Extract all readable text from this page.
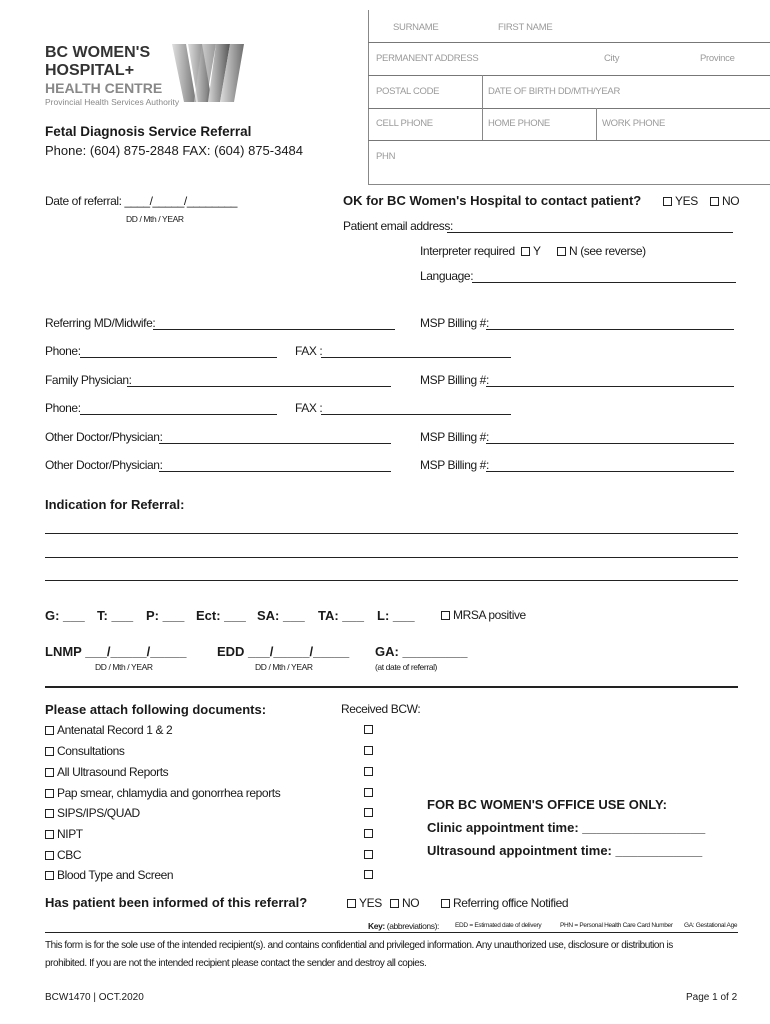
BC WOMEN'S
HOSPITAL+
HEALTH CENTRE
Provincial Health Services Authority
Fetal Diagnosis Service Referral
Phone: (604) 875-2848 FAX: (604) 875-3484
SURNAME	FIRST NAME
PERMANENT ADDRESS	City	Province
POSTAL CODE	DATE OF BIRTH DD/MTH/YEAR
CELL PHONE	HOME PHONE	WORK PHONE
PHN
Date of referral: ____/_____/________
DD / Mth / YEAR
OK for BC Women's Hospital to contact patient?	YES	NO
Patient email address:
Interpreter required	Y	N (see reverse)
Language:
Referring MD/Midwife:	MSP Billing #:
Phone:	FAX :
Family Physician:	MSP Billing #:
Phone:	FAX :
Other Doctor/Physician:	MSP Billing #:
Other Doctor/Physician:	MSP Billing #:
Indication for Referral:
G: ___ T: ___ P: ___ Ect: ___ SA: ___ TA: ___ L: ___	MRSA positive
LNMP ___/_____/_____
DD / Mth / YEAR
EDD ___/_____/_____
DD / Mth / YEAR
GA: _________
(at date of referral)
Please attach following documents:	Received BCW:
Antenatal Record 1 & 2
Consultations
All Ultrasound Reports
Pap smear, chlamydia and gonorrhea reports
SIPS/IPS/QUAD
NIPT
CBC
Blood Type and Screen
FOR BC WOMEN'S OFFICE USE ONLY:
Clinic appointment time: _________________
Ultrasound appointment time: ____________
Has patient been informed of this referral?	YES	NO	Referring office Notified
Key: (abbreviations): EDD = Estimated date of delivery	PHN = Personal Health Care Card Number GA: Gestational Age
This form is for the sole use of the intended recipient(s). and contains confidential and privileged information. Any unauthorized use, disclosure or distribution is
prohibited. If you are not the intended recipient please contact the sender and destroy all copies.
BCW1470 | OCT.2020	Page 1 of 2
